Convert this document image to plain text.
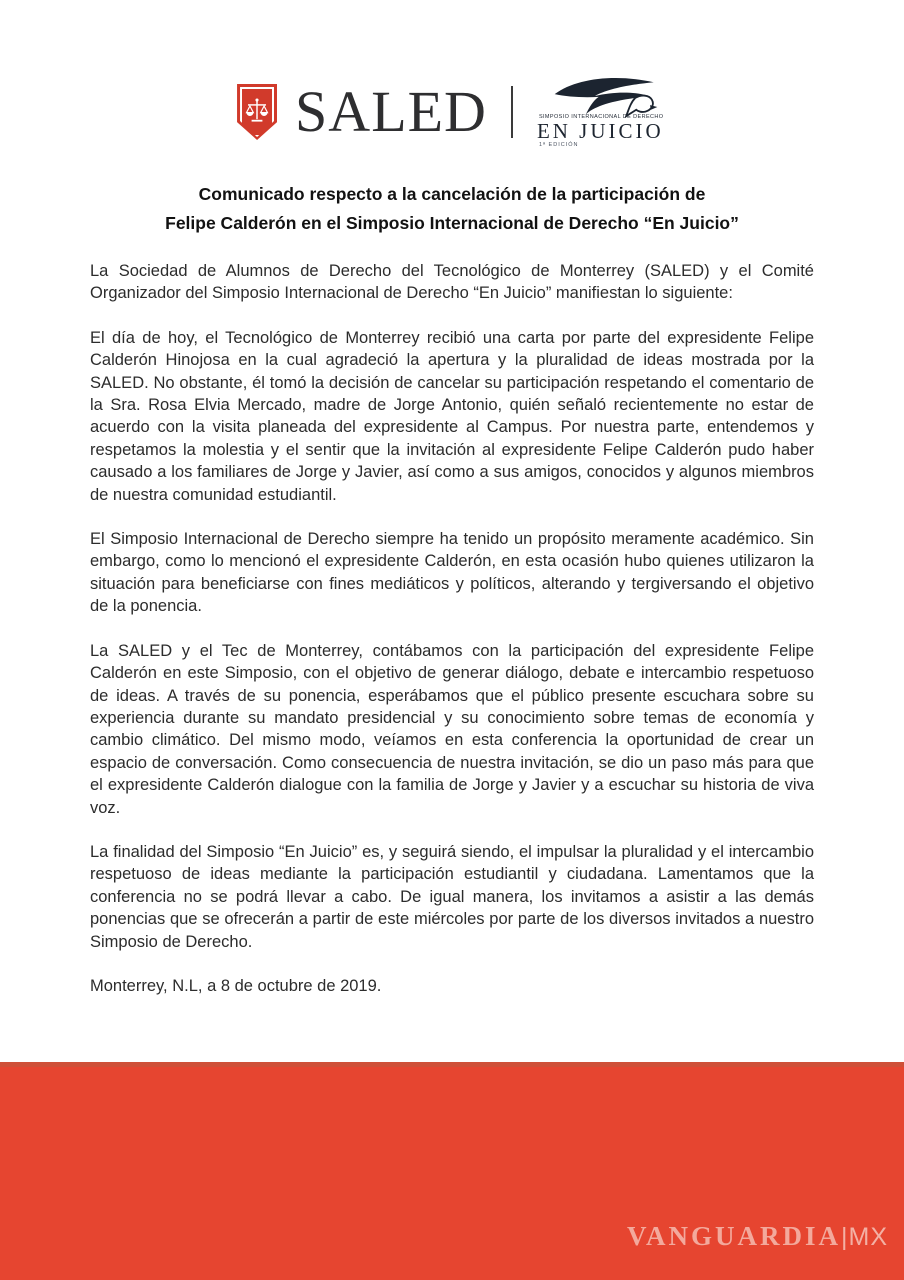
SALED	SIMPOSIO INTERNACIONAL DE DERECHO
EN JUICIO
1ª EDICIÓN
Comunicado respecto a la cancelación de la participación de
Felipe Calderón en el Simposio Internacional de Derecho “En Juicio”

La Sociedad de Alumnos de Derecho del Tecnológico de Monterrey (SALED) y el Comité Organizador del Simposio Internacional de Derecho “En Juicio” manifiestan lo siguiente:

El día de hoy, el Tecnológico de Monterrey recibió una carta por parte del expresidente Felipe Calderón Hinojosa en la cual agradeció la apertura y la pluralidad de ideas mostrada por la SALED. No obstante, él tomó la decisión de cancelar su participación respetando el comentario de la Sra. Rosa Elvia Mercado, madre de Jorge Antonio, quién señaló recientemente no estar de acuerdo con la visita planeada del expresidente al Campus. Por nuestra parte, entendemos y respetamos la molestia y el sentir que la invitación al expresidente Felipe Calderón pudo haber causado a los familiares de Jorge y Javier, así como a sus amigos, conocidos y algunos miembros de nuestra comunidad estudiantil.

El Simposio Internacional de Derecho siempre ha tenido un propósito meramente académico. Sin embargo, como lo mencionó el expresidente Calderón, en esta ocasión hubo quienes utilizaron la situación para beneficiarse con fines mediáticos y políticos, alterando y tergiversando el objetivo de la ponencia.

La SALED y el Tec de Monterrey, contábamos con la participación del expresidente Felipe Calderón en este Simposio, con el objetivo de generar diálogo, debate e intercambio respetuoso de ideas. A través de su ponencia, esperábamos que el público presente escuchara sobre su experiencia durante su mandato presidencial y su conocimiento sobre temas de economía y cambio climático. Del mismo modo, veíamos en esta conferencia la oportunidad de crear un espacio de conversación. Como consecuencia de nuestra invitación, se dio un paso más para que el expresidente Calderón dialogue con la familia de Jorge y Javier y a escuchar su historia de viva voz.

La finalidad del Simposio “En Juicio” es, y seguirá siendo, el impulsar la pluralidad y el intercambio respetuoso de ideas mediante la participación estudiantil y ciudadana. Lamentamos que la conferencia no se podrá llevar a cabo. De igual manera, los invitamos a asistir a las demás ponencias que se ofrecerán a partir de este miércoles por parte de los diversos invitados a nuestro Simposio de Derecho.

Monterrey, N.L, a 8 de octubre de 2019.

VANGUARDIA|MX
